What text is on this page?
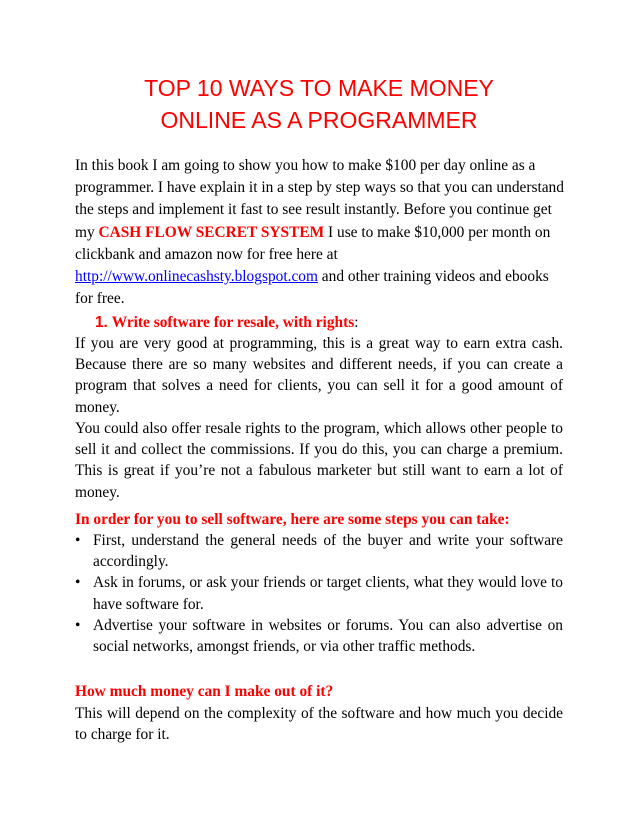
TOP 10 WAYS TO MAKE MONEY
ONLINE AS A PROGRAMMER

In this book I am going to show you how to make $100 per day online as a programmer. I have explain it in a step by step ways so that you can understand the steps and implement it fast to see result instantly. Before you continue get my CASH FLOW SECRET SYSTEM I use to make $10,000 per month on clickbank and amazon now for free here at http://www.onlinecashsty.blogspot.com and other training videos and ebooks for free.

1. Write software for resale, with rights:

If you are very good at programming, this is a great way to earn extra cash. Because there are so many websites and different needs, if you can create a program that solves a need for clients, you can sell it for a good amount of money.

You could also offer resale rights to the program, which allows other people to sell it and collect the commissions. If you do this, you can charge a premium. This is great if you’re not a fabulous marketer but still want to earn a lot of money.

In order for you to sell software, here are some steps you can take:

• First, understand the general needs of the buyer and write your software accordingly.
• Ask in forums, or ask your friends or target clients, what they would love to have software for.
• Advertise your software in websites or forums. You can also advertise on social networks, amongst friends, or via other traffic methods.

How much money can I make out of it?

This will depend on the complexity of the software and how much you decide to charge for it.
